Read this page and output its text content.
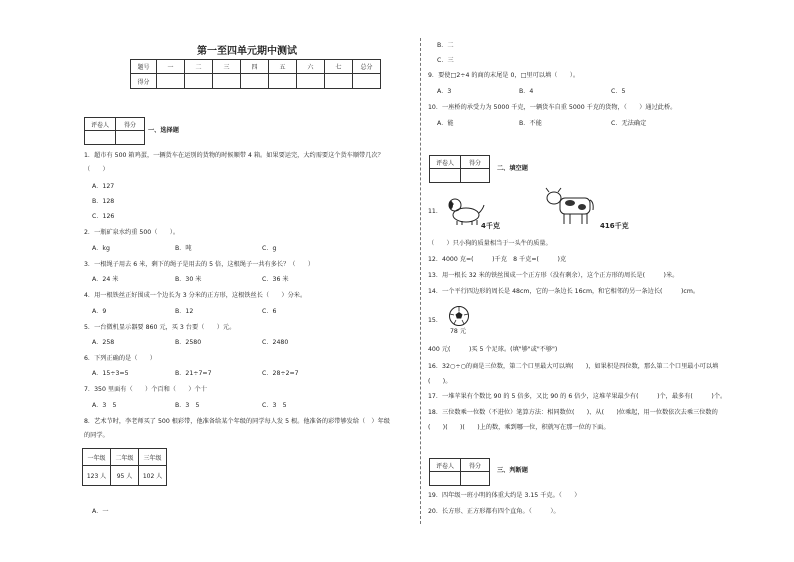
第一至四单元期中测试
题号	一	二	三	四	五	六	七	总分
得分								
评卷人	得分

一、选择题
1．超市有 500 箱鸡蛋，一辆货车在运别的货物的时候顺带 4 箱。如果要运完，大约需要这个货车顺带几次？
（　　）
A．127
B．128
C．126
2．一瓶矿泉水约重 500（　　）。
A．kg	B．吨	C．g
3．一根绳子用去 6 米，剩下的绳子是用去的 5 倍，这根绳子一共有多长？（　　）
A．24 米	B．30 米	C．36 米
4．用一根铁丝正好围成一个边长为 3 分米的正方形，这根铁丝长（　　）分米。
A．9	B．12	C．6
5．一台微机显示器要 860 元，买 3 台要（　　）元。
A．258	B．2580	C．2480
6．下列正确的是（　　）
A．15÷3=5	B．21÷7=7	C．28÷2=7
7．350 里面有（　　）个百和（　　）个十
A．3　5	B．3　5	C．3　5
8．艺术节时，李老师买了 500 根彩带，他准备给某个年级的同学每人发 5 根。他准备的彩带够发给（　）年级
的同学。
一年级	二年级	三年级
123 人	95 人	102 人
A．一
B．二
C．三
9．要使□2÷4 的商的末尾是 0，□里可以填（　　）。
A．3	B．4	C．5
10．一座桥的承受力为 5000 千克，一辆货车自重 5000 千克的货物，（　　）通过此桥。
A．能	B．不能	C．无法确定
评卷人	得分

二、填空题
11．
4千克	416千克
（　　）只小狗的质量相当于一头牛的质量。
12．4000 克=(　　　)千克　8 千克=(　　　)克
13．用一根长 32 米的铁丝围成一个正方形（没有剩余），这个正方形的周长是(　　　)米。
14．一个平行四边形的周长是 48cm，它的一条边长 16cm，和它相邻的另一条边长(　　　)cm。
15．
78 元
400 元(　　　)买 5 个足球。(填"够"或"不够")
16．32○÷○的商是三位数，第二个口里最大可以填(　　)，如果积是四位数，那么第二个口里最小可以填
(　　)。
17．一堆苹果有个数比 90 的 5 倍多，又比 90 的 6 倍少，这堆苹果最少有(　　　)个，最多有(　　　)个。
18．三位数乘一位数（不进位）笔算方法：相同数位(　　)、从(　　)位乘起，用一位数依次去乘三位数的
(　　)(　　)(　　)上的数，乘到哪一位，积就写在那一位的下面。
评卷人	得分

三、判断题
19．四年级一班小明的体重大约是 3.15 千克。（　　）
20．长方形、正方形都有四个直角。（　　　）。
